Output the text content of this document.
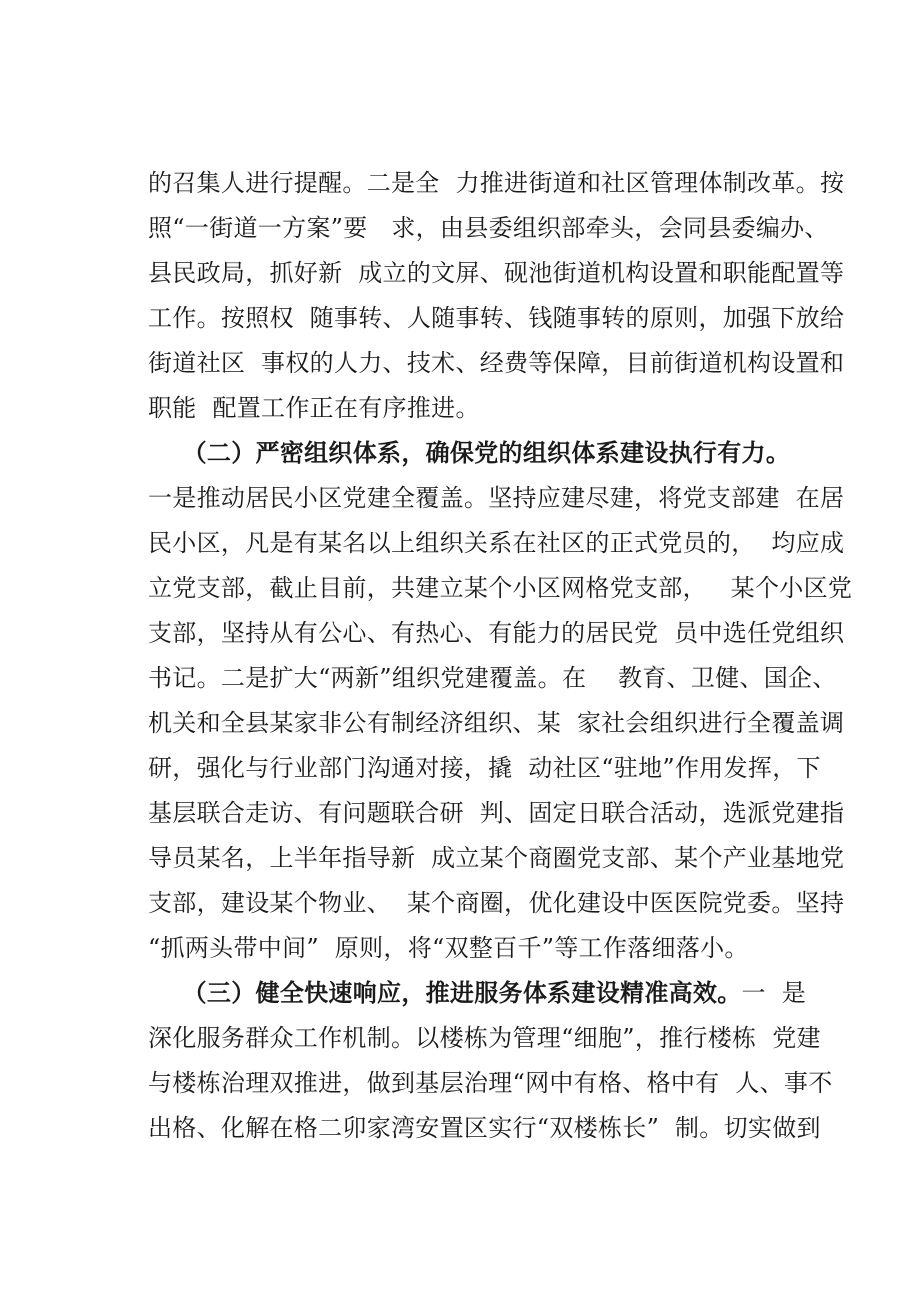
的召集人进行提醒。二是全  力推进街道和社区管理体制改革。按
照“一街道一方案”要   求，由县委组织部牵头，会同县委编办、
县民政局，抓好新  成立的文屏、砚池街道机构设置和职能配置等
工作。按照权  随事转、人随事转、钱随事转的原则，加强下放给
街道社区  事权的人力、技术、经费等保障，目前街道机构设置和
职能  配置工作正在有序推进。
（二）严密组织体系，确保党的组织体系建设执行有力。
一是推动居民小区党建全覆盖。坚持应建尽建，将党支部建  在居
民小区，凡是有某名以上组织关系在社区的正式党员的，  均应成
立党支部，截止目前，共建立某个小区网格党支部，   某个小区党
支部，坚持从有公心、有热心、有能力的居民党  员中选任党组织
书记。二是扩大“两新”组织党建覆盖。在    教育、卫健、国企、
机关和全县某家非公有制经济组织、某  家社会组织进行全覆盖调
研，强化与行业部门沟通对接，撬  动社区“驻地”作用发挥，下
基层联合走访、有问题联合研  判、固定日联合活动，选派党建指
导员某名，上半年指导新  成立某个商圈党支部、某个产业基地党
支部，建设某个物业、  某个商圈，优化建设中医医院党委。坚持
“抓两头带中间”  原则，将“双整百千”等工作落细落小。
（三）健全快速响应，推进服务体系建设精准高效。一  是
深化服务群众工作机制。以楼栋为管理“细胞”，推行楼栋  党建
与楼栋治理双推进，做到基层治理“网中有格、格中有  人、事不
出格、化解在格二卯家湾安置区实行“双楼栋长”  制。切实做到
